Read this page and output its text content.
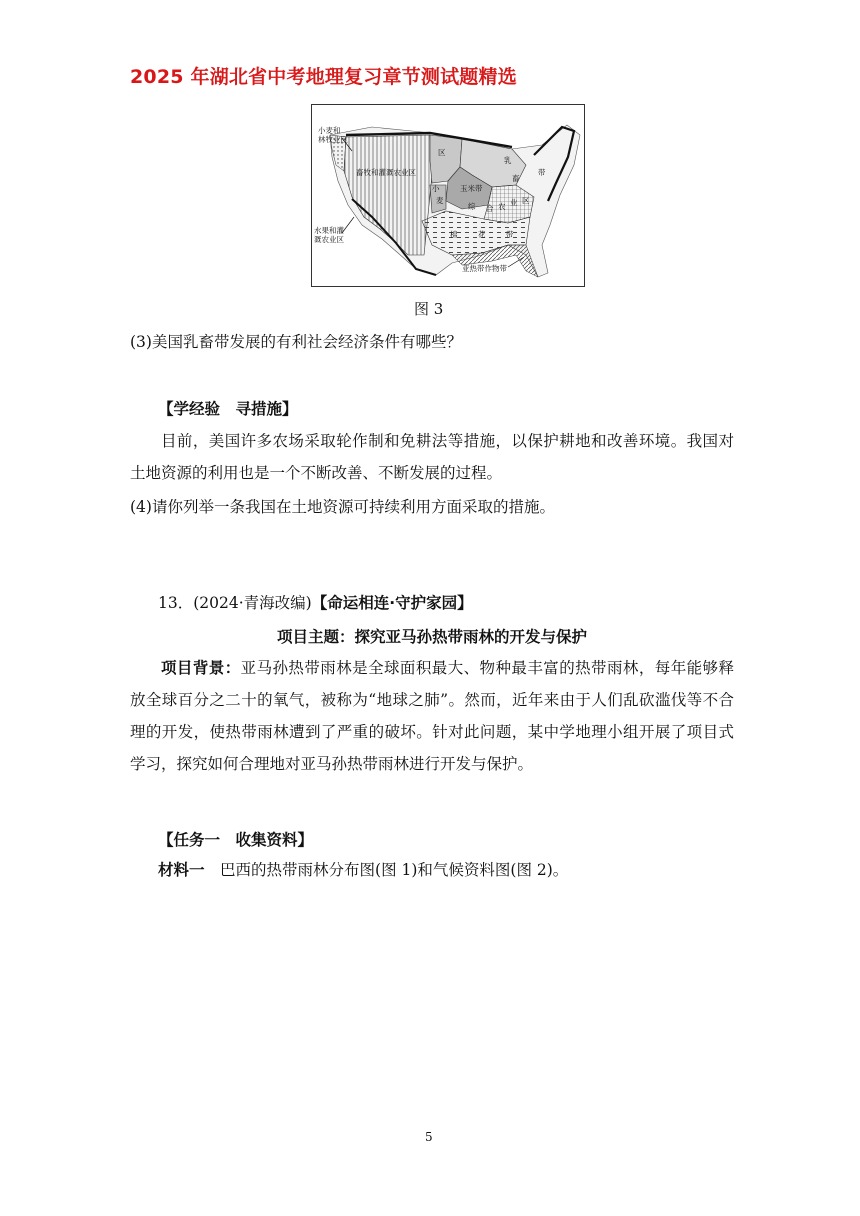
2025 年湖北省中考地理复习章节测试题精选
小麦和
林牧业区
畜牧和灌溉农业区
水果和灌
溉农业区
乳
畜
带
玉米带
区
小
麦
综 合 农 业 区
棉	花	带
亚热带作物带
图 3
(3)美国乳畜带发展的有利社会经济条件有哪些？
【学经验　寻措施】
目前，美国许多农场采取轮作制和免耕法等措施，以保护耕地和改善环境。我国对土地资源的利用也是一个不断改善、不断发展的过程。
(4)请你列举一条我国在土地资源可持续利用方面采取的措施。
13．(2024·青海改编)【命运相连·守护家园】
项目主题：探究亚马孙热带雨林的开发与保护
项目背景：亚马孙热带雨林是全球面积最大、物种最丰富的热带雨林，每年能够释放全球百分之二十的氧气，被称为“地球之肺”。然而，近年来由于人们乱砍滥伐等不合理的开发，使热带雨林遭到了严重的破坏。针对此问题，某中学地理小组开展了项目式学习，探究如何合理地对亚马孙热带雨林进行开发与保护。
【任务一　收集资料】
材料一　 巴西的热带雨林分布图(图 1)和气候资料图(图 2)。
5
